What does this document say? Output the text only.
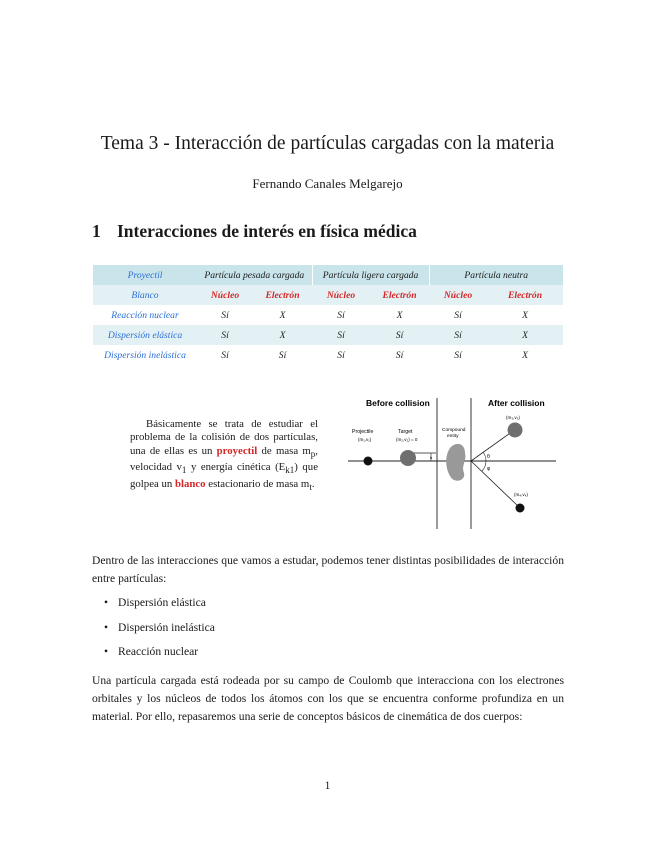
Tema 3 - Interacción de partículas cargadas con la materia
Fernando Canales Melgarejo
1 Interacciones de interés en física médica
Proyectil	Partícula pesada cargada		Partícula ligera cargada		Partícula neutra	
Blanco	Núcleo	Electrón	Núcleo	Electrón	Núcleo	Electrón
Reacción nuclear	Sí	X	Sí	X	Sí	X
Dispersión elástica	Sí	X	Sí	Sí	Sí	X
Dispersión inelástica	Sí	Sí	Sí	Sí	Sí	X
Básicamente se trata de estudiar el problema de la colisión de dos partículas, una de ellas es un proyectil de masa $m_p$, velocidad $v_1$ y energía cinética $(E_{k1})$ que golpea un blanco estacionario de masa $m_t$.
Before collision	After collision
b
Projectile
(m₁,v₁)
Target
(m₂,v₂) = 0
Compound
entity
θ
φ
(m₃,v₃)
(m₄,v₄)
Dentro de las interacciones que vamos a estudar, podemos tener distintas posibilidades de interacción entre partículas:
• Dispersión elástica
• Dispersión inelástica
• Reacción nuclear
Una partícula cargada está rodeada por su campo de Coulomb que interacciona con los electrones orbitales y los núcleos de todos los átomos con los que se encuentra conforme profundiza en un material. Por ello, repasaremos una serie de conceptos básicos de cinemática de dos cuerpos:
1
